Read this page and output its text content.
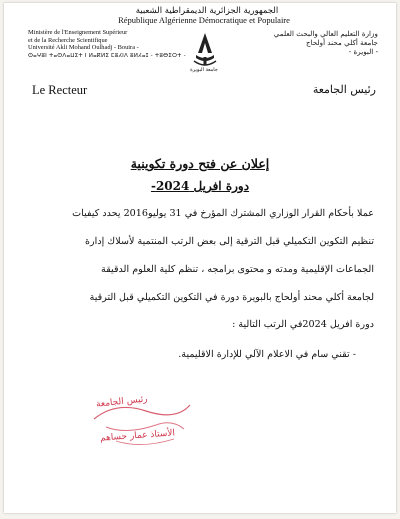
الجمهورية الجزائرية الديمقراطية الشعبية
République Algérienne Démocratique et Populaire
Ministère de l'Enseignement Supérieur
et de la Recherche Scientifique
Université Akli Mohand Oulhadj - Bouira -
ⵙⴰⵖⵓⵏ ⵜⴰⵙⴷⴰⵡⵉⵜ ⵏ ⵍⴰⴽⵍⵉ ⵎⵓⵃⵏⴷ ⵓⵍⵃⴰⵊ - ⵜⵓⴱⵉⵔⵜ -
وزارة التعليم العالي والبحث العلمي
جامعة أكلي محند أولحاج
- البويرة -
جامعة البويرة
Le Recteur	رئيس الجامعة
إعلان عن فتح دورة تكوينية
دورة افريل 2024-
عملا بأحكام القرار الوزاري المشترك المؤرخ في 31 يوليو2016 يحدد كيفيات
تنظيم التكوين التكميلي قبل الترقية إلى بعض الرتب المنتمية لأسلاك إدارة
الجماعات الإقليمية ومدته و محتوى برامجه ، تنظم كلية العلوم الدقيقة
لجامعة أكلي محند أولحاج بالبويرة دورة في التكوين التكميلي قبل الترقية
دورة افريل 2024في الرتب التالية :
- تقني سام في الاعلام الآلي للإدارة الاقليمية.
رئيس الجامعة
الأستاذ عمار حساهم
